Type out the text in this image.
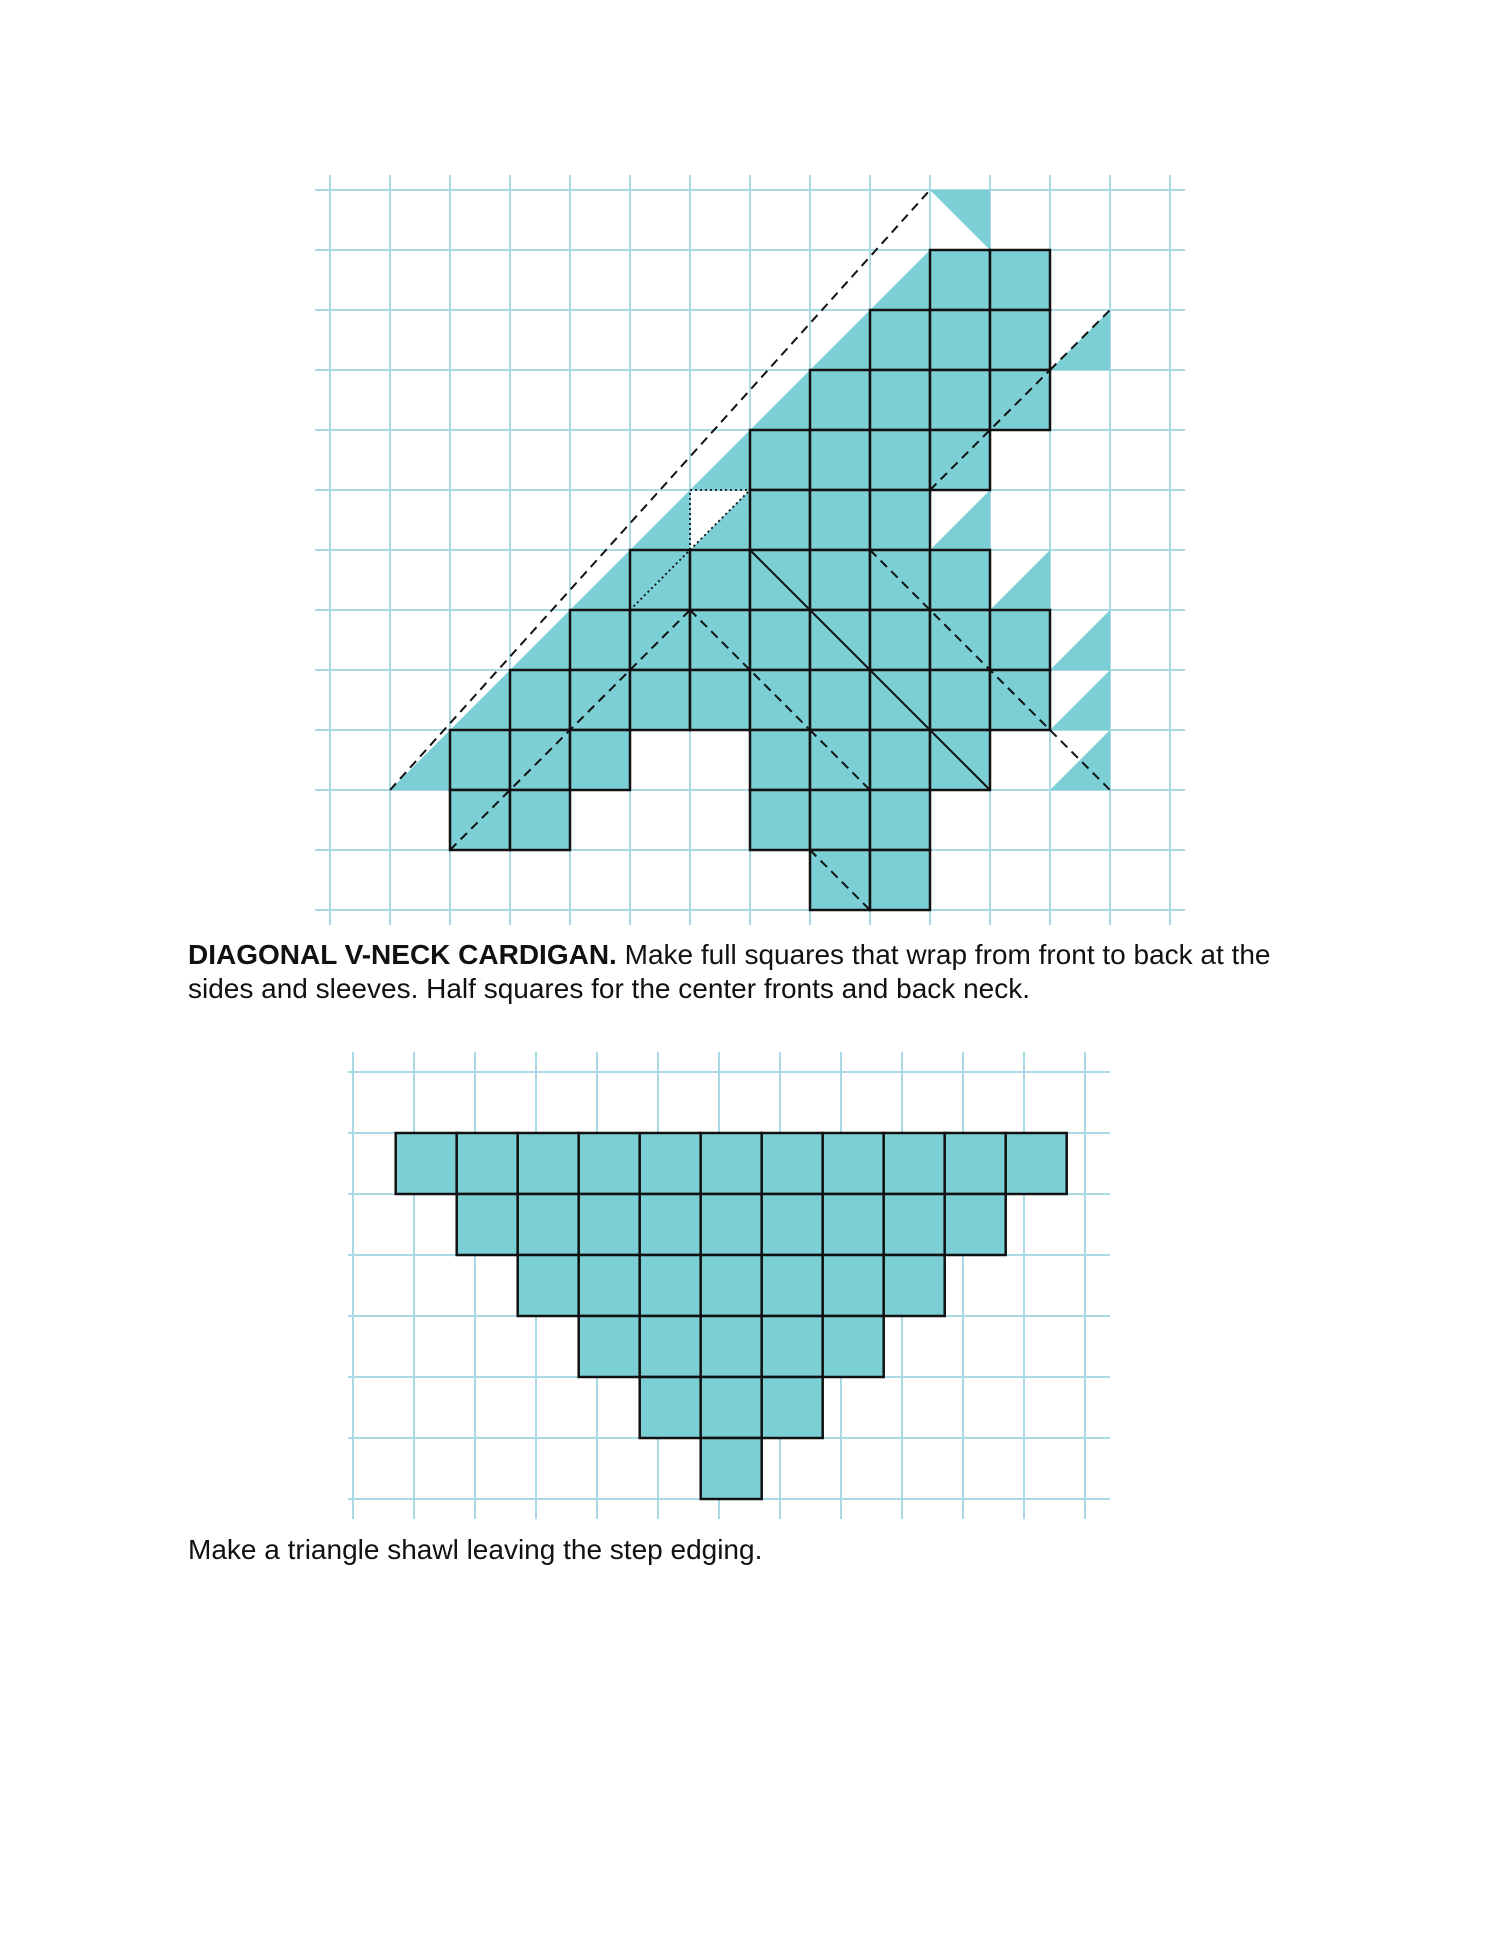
DIAGONAL V-NECK CARDIGAN. Make full squares that wrap from front to back at the sides and sleeves. Half squares for the center fronts and back neck.

Make a triangle shawl leaving the step edging.
